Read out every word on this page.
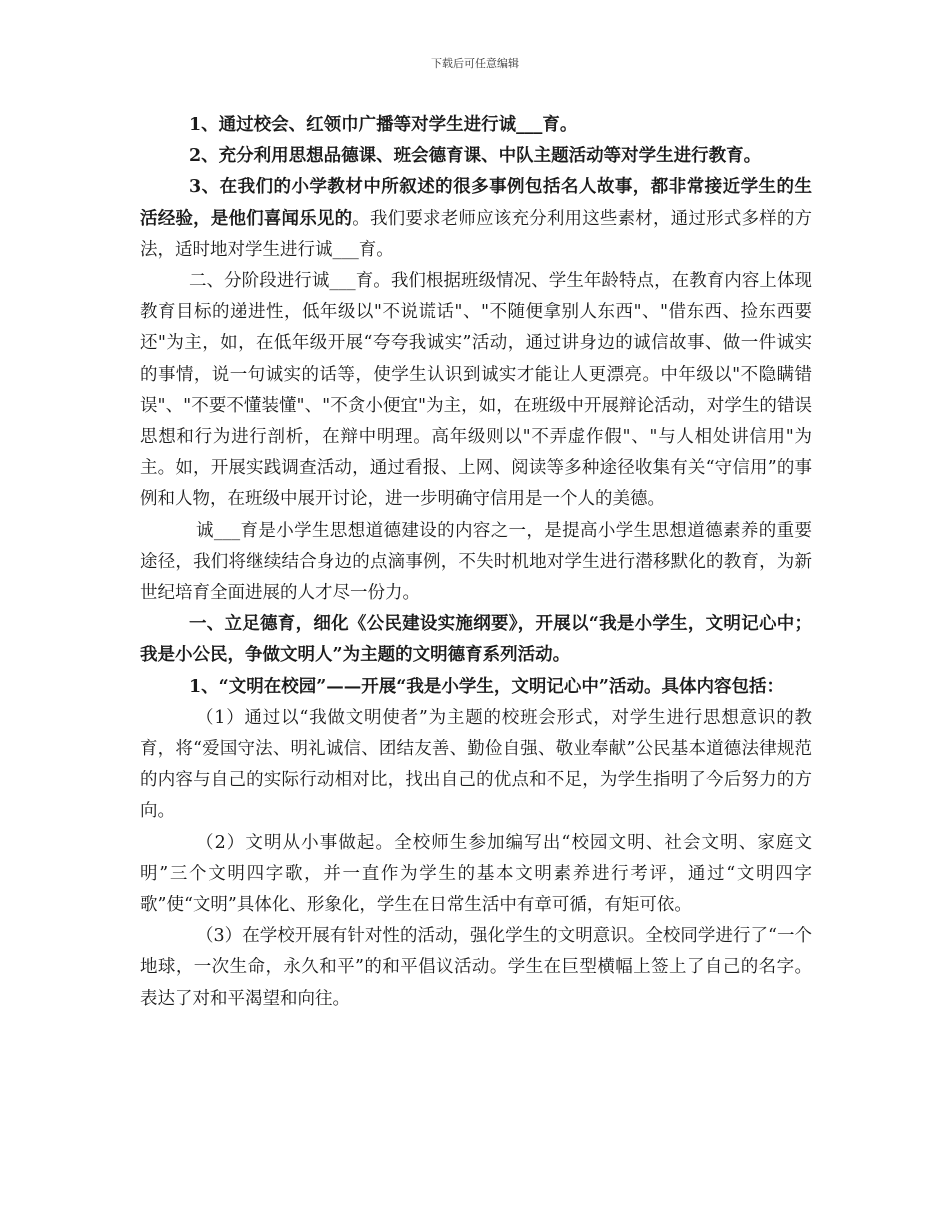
下载后可任意编辑

1、通过校会、红领巾广播等对学生进行诚___育。

2、充分利用思想品德课、班会德育课、中队主题活动等对学生进行教育。

3、在我们的小学教材中所叙述的很多事例包括名人故事，都非常接近学生的生活经验，是他们喜闻乐见的。我们要求老师应该充分利用这些素材，通过形式多样的方法，适时地对学生进行诚___育。

二、分阶段进行诚___育。我们根据班级情况、学生年龄特点，在教育内容上体现教育目标的递进性，低年级以"不说谎话"、"不随便拿别人东西"、"借东西、捡东西要还"为主，如，在低年级开展“夸夸我诚实”活动，通过讲身边的诚信故事、做一件诚实的事情，说一句诚实的话等，使学生认识到诚实才能让人更漂亮。中年级以"不隐瞒错误"、"不要不懂装懂"、"不贪小便宜"为主，如，在班级中开展辩论活动，对学生的错误思想和行为进行剖析，在辩中明理。高年级则以"不弄虚作假"、"与人相处讲信用"为主。如，开展实践调查活动，通过看报、上网、阅读等多种途径收集有关“守信用”的事例和人物，在班级中展开讨论，进一步明确守信用是一个人的美德。

诚___育是小学生思想道德建设的内容之一，是提高小学生思想道德素养的重要途径，我们将继续结合身边的点滴事例，不失时机地对学生进行潜移默化的教育，为新世纪培育全面进展的人才尽一份力。

一、立足德育，细化《公民建设实施纲要》，开展以“我是小学生，文明记心中；我是小公民，争做文明人”为主题的文明德育系列活动。

1、“文明在校园”——开展“我是小学生，文明记心中”活动。具体内容包括：

（1）通过以“我做文明使者”为主题的校班会形式，对学生进行思想意识的教育，将“爱国守法、明礼诚信、团结友善、勤俭自强、敬业奉献”公民基本道德法律规范的内容与自己的实际行动相对比，找出自己的优点和不足，为学生指明了今后努力的方向。

（2）文明从小事做起。全校师生参加编写出“校园文明、社会文明、家庭文明”三个文明四字歌，并一直作为学生的基本文明素养进行考评，通过“文明四字歌”使“文明”具体化、形象化，学生在日常生活中有章可循，有矩可依。

（3）在学校开展有针对性的活动，强化学生的文明意识。全校同学进行了“一个地球，一次生命，永久和平”的和平倡议活动。学生在巨型横幅上签上了自己的名字。表达了对和平渴望和向往。
